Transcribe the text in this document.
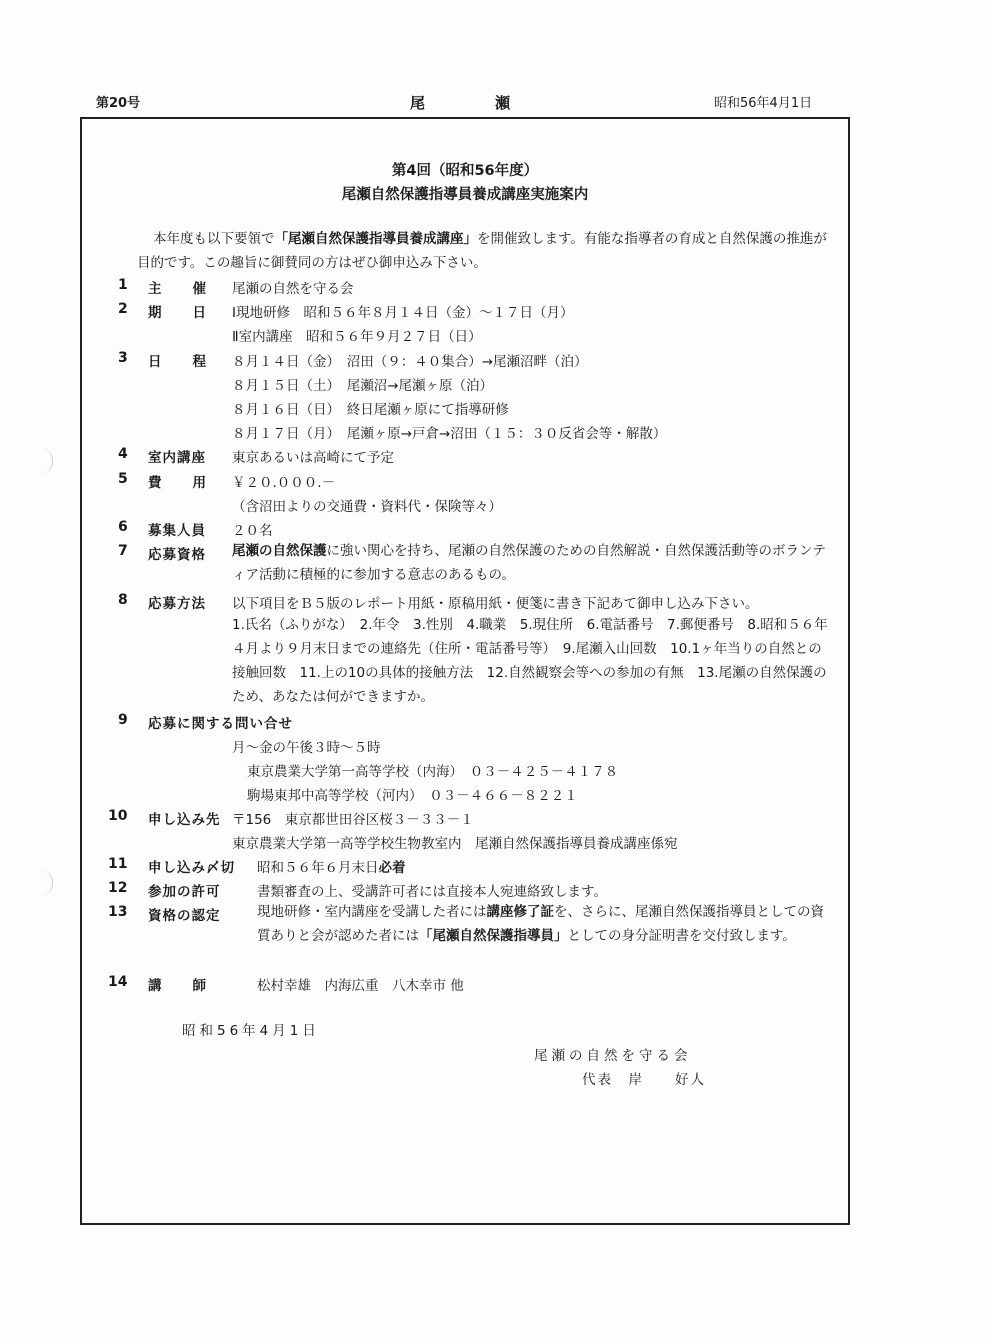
第20号	尾瀬	昭和56年4月1日
第4回（昭和56年度）
尾瀬自然保護指導員養成講座実施案内
本年度も以下要領で「尾瀬自然保護指導員養成講座」を開催致します。有能な指導者の育成と自然保護の推進が目的です。この趣旨に御賛同の方はぜひ御申込み下さい。
1	主　催 尾瀬の自然を守る会
2	期　日 Ⅰ現地研修　昭和５６年８月１４日（金）～１７日（月）
Ⅱ室内講座　昭和５６年９月２７日（日）
3	日　程 ８月１４日（金）　沼田（９：４０集合）→尾瀬沼畔（泊）
８月１５日（土）　尾瀬沼→尾瀬ヶ原（泊）
８月１６日（日）　終日尾瀬ヶ原にて指導研修
８月１７日（月）　尾瀬ヶ原→戸倉→沼田（１５：３０反省会等・解散）
4	室内講座 東京あるいは高崎にて予定
5	費　用 ￥２０.０００.－
（含沼田よりの交通費・資料代・保険等々）
6	募集人員 ２０名
7	応募資格 尾瀬の自然保護に強い関心を持ち、尾瀬の自然保護のための自然解説・自然保護活動等のボランティア活動に積極的に参加する意志のあるもの。
8	応募方法 以下項目をＢ５版のレポート用紙・原稿用紙・便箋に書き下記あて御申し込み下さい。
1.氏名（ふりがな）　2.年令　3.性別　4.職業　5.現住所　6.電話番号　7.郵便番号　8.昭和５６年４月より９月末日までの連絡先（住所・電話番号等）　9.尾瀬入山回数　10.1ヶ年当りの自然との接触回数　11.上の10の具体的接触方法　12.自然観察会等への参加の有無　13.尾瀬の自然保護のため、あなたは何ができますか。
9	応募に関する問い合せ
月～金の午後３時～５時
東京農業大学第一高等学校（内海）　０３－４２５－４１７８
駒場東邦中高等学校（河内）　０３－４６６－８２２１
10	申し込み先 〒156　東京都世田谷区桜３－３３－１
東京農業大学第一高等学校生物教室内　尾瀬自然保護指導員養成講座係宛
11	申し込み〆切 昭和５６年６月末日必着
12	参加の許可	書類審査の上、受講許可者には直接本人宛連絡致します。
13	資格の認定	現地研修・室内講座を受講した者には講座修了証を、さらに、尾瀬自然保護指導員としての資質ありと会が認めた者には「尾瀬自然保護指導員」としての身分証明書を交付致します。
14	講　師	松村幸雄　内海広重　八木幸市 他
昭和56年4月1日
尾瀬の自然を守る会
代表　岸　　好人
